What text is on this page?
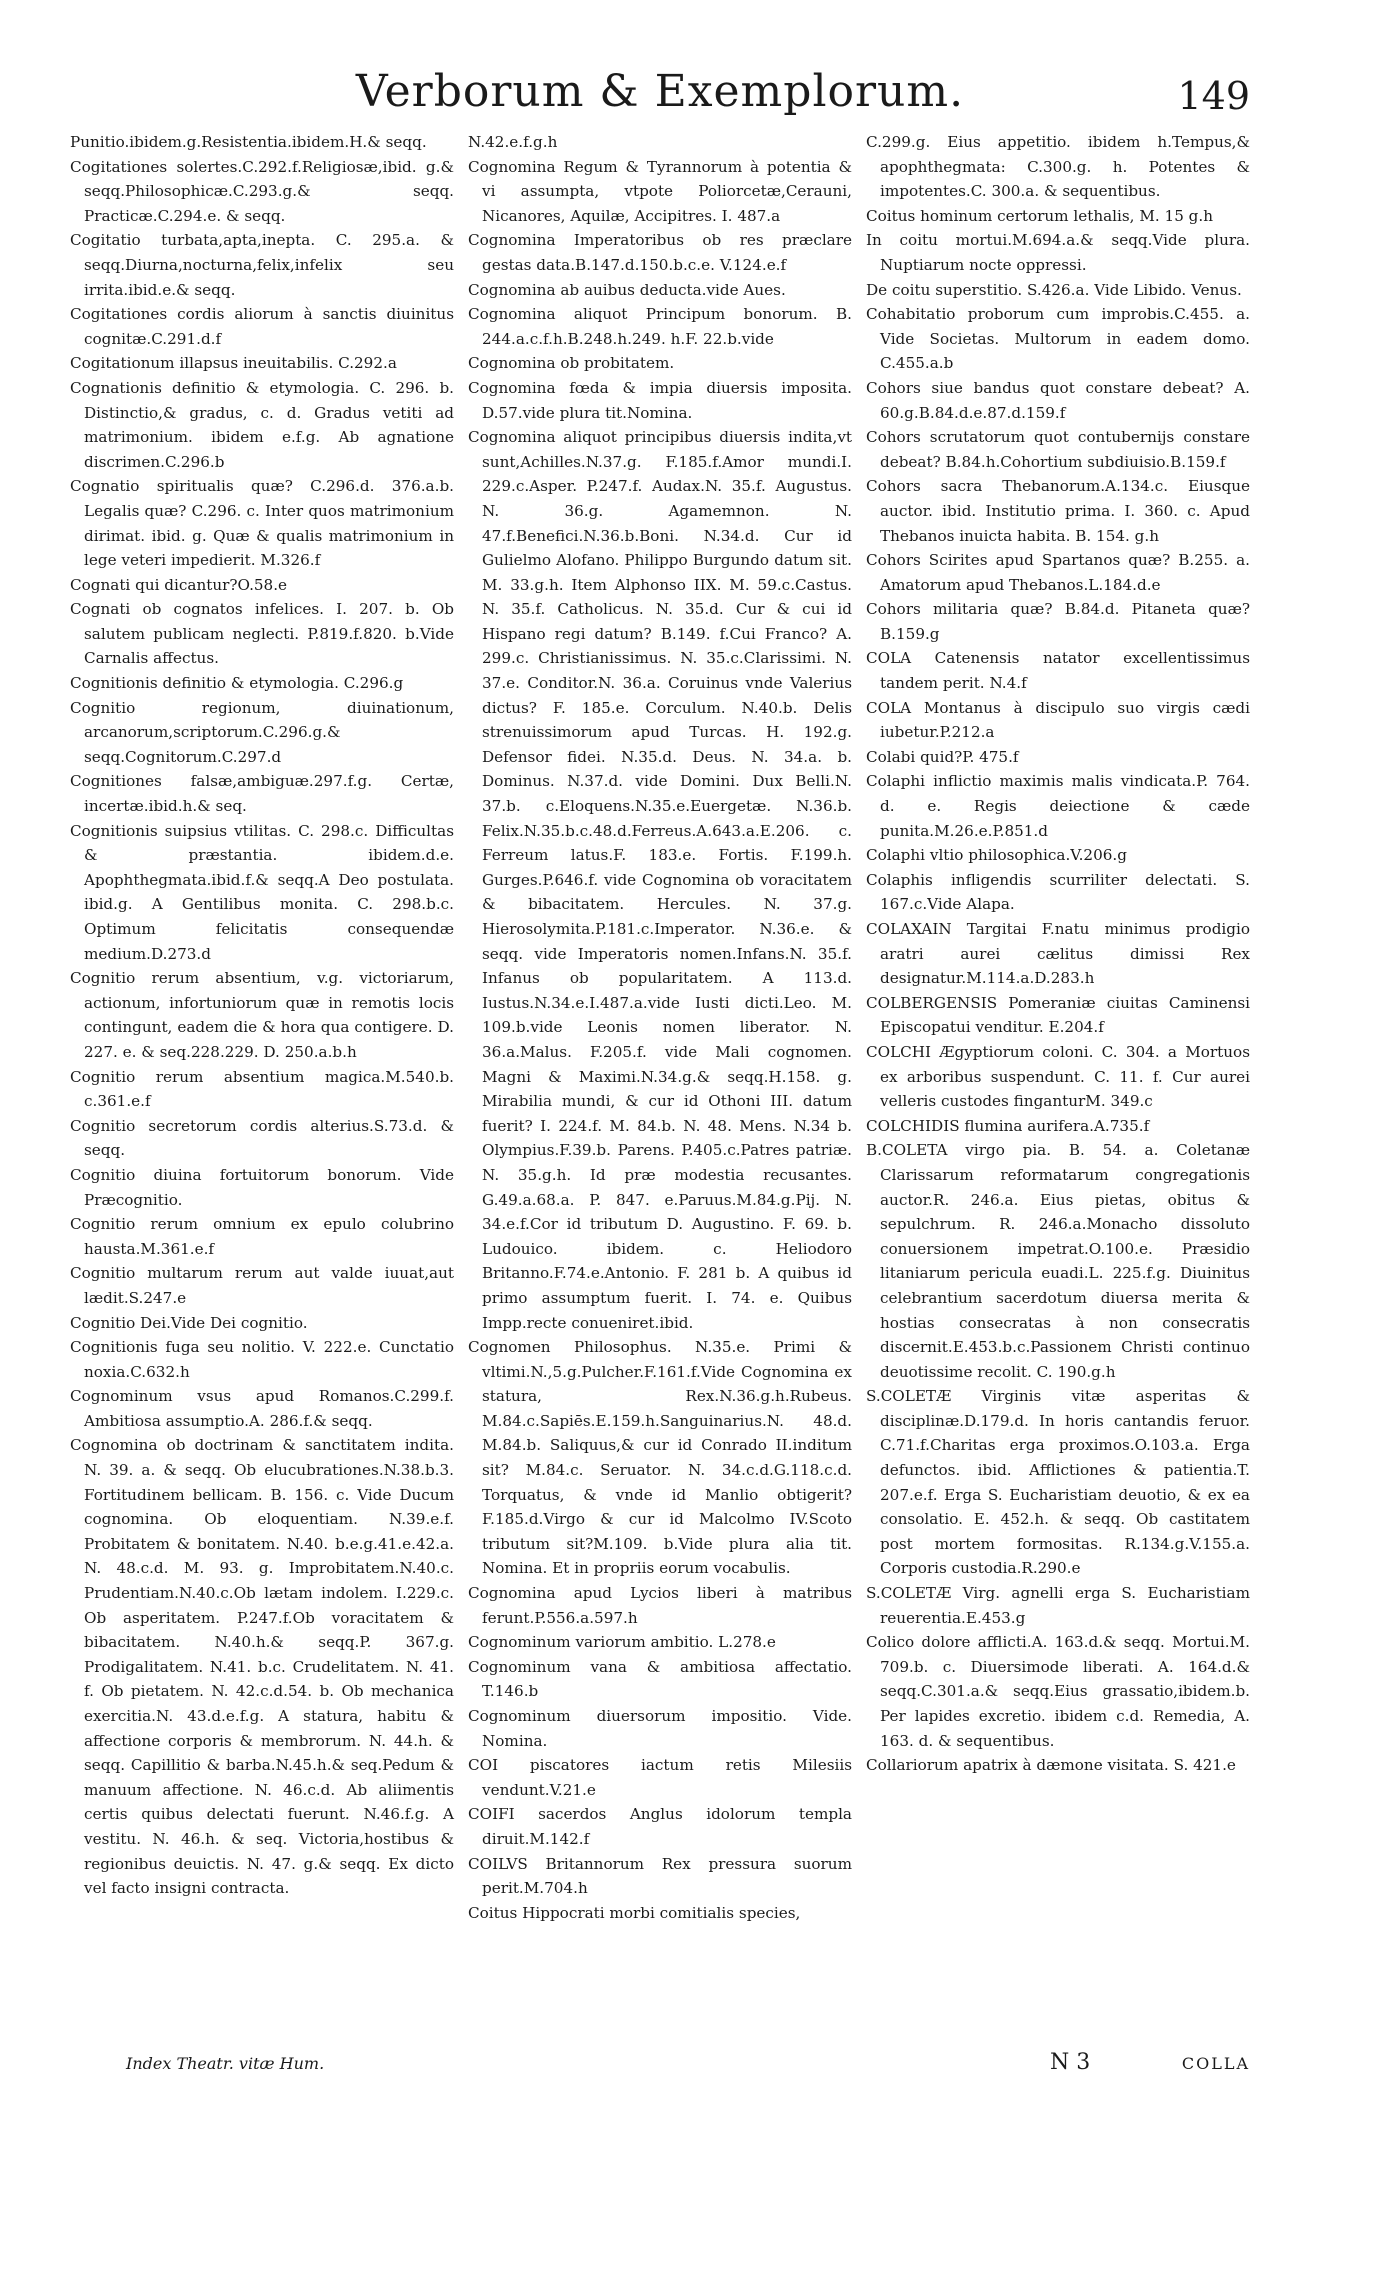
Verborum & Exemplorum.	149

Punitio.ibidem.g.Resistentia.ibidem.H.& seqq.

Cogitationes solertes.C.292.f.Religiosæ,ibid. g.& seqq.Philosophicæ.C.293.g.& seqq. Practicæ.C.294.e. & seqq.

Cogitatio turbata,apta,inepta. C. 295.a. & seqq.Diurna,nocturna,felix,infelix seu irrita.ibid.e.& seqq.

Cogitationes cordis aliorum à sanctis diuinitus cognitæ.C.291.d.f

Cogitationum illapsus ineuitabilis. C.292.a

Cognationis definitio & etymologia. C. 296. b. Distinctio,& gradus, c. d. Gradus vetiti ad matrimonium. ibidem e.f.g. Ab agnatione discrimen.C.296.b

Cognatio spiritualis quæ? C.296.d. 376.a.b. Legalis quæ? C.296. c. Inter quos matrimonium dirimat. ibid. g. Quæ & qualis matrimonium in lege veteri impedierit. M.326.f

Cognati qui dicantur?O.58.e

Cognati ob cognatos infelices. I. 207. b. Ob salutem publicam neglecti. P.819.f.820. b.Vide Carnalis affectus.

Cognitionis definitio & etymologia. C.296.g

Cognitio regionum, diuinationum, arcanorum,scriptorum.C.296.g.& seqq.Cognitorum.C.297.d

Cognitiones falsæ,ambiguæ.297.f.g. Certæ, incertæ.ibid.h.& seq.

Cognitionis suipsius vtilitas. C. 298.c. Difficultas & præstantia. ibidem.d.e. Apophthegmata.ibid.f.& seqq.A Deo postulata. ibid.g. A Gentilibus monita. C. 298.b.c. Optimum felicitatis consequendæ medium.D.273.d

Cognitio rerum absentium, v.g. victoriarum, actionum, infortuniorum quæ in remotis locis contingunt, eadem die & hora qua contigere. D. 227. e. & seq.228.229. D. 250.a.b.h

Cognitio rerum absentium magica.M.540.b. c.361.e.f

Cognitio secretorum cordis alterius.S.73.d. & seqq.

Cognitio diuina fortuitorum bonorum. Vide Præcognitio.

Cognitio rerum omnium ex epulo colubrino hausta.M.361.e.f

Cognitio multarum rerum aut valde iuuat,aut lædit.S.247.e

Cognitio Dei.Vide Dei cognitio.

Cognitionis fuga seu nolitio. V. 222.e. Cunctatio noxia.C.632.h

Cognominum vsus apud Romanos.C.299.f. Ambitiosa assumptio.A. 286.f.& seqq.

Cognomina ob doctrinam & sanctitatem indita. N. 39. a. & seqq. Ob elucubrationes.N.38.b.3. Fortitudinem bellicam. B. 156. c. Vide Ducum cognomina. Ob eloquentiam. N.39.e.f. Probitatem & bonitatem. N.40. b.e.g.41.e.42.a. N. 48.c.d. M. 93. g. Improbitatem.N.40.c. Prudentiam.N.40.c.Ob lætam indolem. I.229.c. Ob asperitatem. P.247.f.Ob voracitatem & bibacitatem. N.40.h.& seqq.P. 367.g. Prodigalitatem. N.41. b.c. Crudelitatem. N. 41. f. Ob pietatem. N. 42.c.d.54. b. Ob mechanica exercitia.N. 43.d.e.f.g. A statura, habitu & affectione corporis & membrorum. N. 44.h. & seqq. Capillitio & barba.N.45.h.& seq.Pedum & manuum affectione. N. 46.c.d. Ab aliimentis certis quibus delectati fuerunt. N.46.f.g. A vestitu. N. 46.h. & seq. Victoria,hostibus & regionibus deuictis. N. 47. g.& seqq. Ex dicto vel facto insigni contracta.

N.42.e.f.g.h

Cognomina Regum & Tyrannorum à potentia & vi assumpta, vtpote Poliorcetæ,Cerauni, Nicanores, Aquilæ, Accipitres. I. 487.a

Cognomina Imperatoribus ob res præclare gestas data.B.147.d.150.b.c.e. V.124.e.f

Cognomina ab auibus deducta.vide Aues.

Cognomina aliquot Principum bonorum. B. 244.a.c.f.h.B.248.h.249. h.F. 22.b.vide

Cognomina ob probitatem.

Cognomina fœda & impia diuersis imposita. D.57.vide plura tit.Nomina.

Cognomina aliquot principibus diuersis indita,vt sunt,Achilles.N.37.g. F.185.f.Amor mundi.I. 229.c.Asper. P.247.f. Audax.N. 35.f. Augustus. N. 36.g. Agamemnon. N. 47.f.Benefici.N.36.b.Boni. N.34.d. Cur id Gulielmo Alofano. Philippo Burgundo datum sit. M. 33.g.h. Item Alphonso IIX. M. 59.c.Castus. N. 35.f. Catholicus. N. 35.d. Cur & cui id Hispano regi datum? B.149. f.Cui Franco? A. 299.c. Christianissimus. N. 35.c.Clarissimi. N. 37.e. Conditor.N. 36.a. Coruinus vnde Valerius dictus? F. 185.e. Corculum. N.40.b. Delis strenuissimorum apud Turcas. H. 192.g. Defensor fidei. N.35.d. Deus. N. 34.a. b. Dominus. N.37.d. vide Domini. Dux Belli.N. 37.b. c.Eloquens.N.35.e.Euergetæ. N.36.b. Felix.N.35.b.c.48.d.Ferreus.A.643.a.E.206. c. Ferreum latus.F. 183.e. Fortis. F.199.h. Gurges.P.646.f. vide Cognomina ob voracitatem & bibacitatem. Hercules. N. 37.g. Hierosolymita.P.181.c.Imperator. N.36.e. & seqq. vide Imperatoris nomen.Infans.N. 35.f. Infanus ob popularitatem. A 113.d. Iustus.N.34.e.I.487.a.vide Iusti dicti.Leo. M. 109.b.vide Leonis nomen liberator. N. 36.a.Malus. F.205.f. vide Mali cognomen. Magni & Maximi.N.34.g.& seqq.H.158. g. Mirabilia mundi, & cur id Othoni III. datum fuerit? I. 224.f. M. 84.b. N. 48. Mens. N.34 b. Olympius.F.39.b. Parens. P.405.c.Patres patriæ. N. 35.g.h. Id præ modestia recusantes. G.49.a.68.a. P. 847. e.Paruus.M.84.g.Pij. N. 34.e.f.Cor id tributum D. Augustino. F. 69. b. Ludouico. ibidem. c. Heliodoro Britanno.F.74.e.Antonio. F. 281 b. A quibus id primo assumptum fuerit. I. 74. e. Quibus Impp.recte conueniret.ibid.

Cognomen Philosophus. N.35.e. Primi & vltimi.N.,5.g.Pulcher.F.161.f.Vide Cognomina ex statura, Rex.N.36.g.h.Rubeus. M.84.c.Sapiēs.E.159.h.Sanguinarius.N. 48.d. M.84.b. Saliquus,& cur id Conrado II.inditum sit? M.84.c. Seruator. N. 34.c.d.G.118.c.d. Torquatus, & vnde id Manlio obtigerit?F.185.d.Virgo & cur id Malcolmo IV.Scoto tributum sit?M.109. b.Vide plura alia tit. Nomina. Et in propriis eorum vocabulis.

Cognomina apud Lycios liberi à matribus ferunt.P.556.a.597.h

Cognominum variorum ambitio. L.278.e

Cognominum vana & ambitiosa affectatio. T.146.b

Cognominum diuersorum impositio. Vide. Nomina.

COI piscatores iactum retis Milesiis vendunt.V.21.e

COIFI sacerdos Anglus idolorum templa diruit.M.142.f

COILVS Britannorum Rex pressura suorum perit.M.704.h

Coitus Hippocrati morbi comitialis species,

C.299.g. Eius appetitio. ibidem h.Tempus,& apophthegmata: C.300.g. h. Potentes & impotentes.C. 300.a. & sequentibus.

Coitus hominum certorum lethalis, M. 15 g.h

In coitu mortui.M.694.a.& seqq.Vide plura. Nuptiarum nocte oppressi.

De coitu superstitio. S.426.a. Vide Libido. Venus.

Cohabitatio proborum cum improbis.C.455. a. Vide Societas. Multorum in eadem domo. C.455.a.b

Cohors siue bandus quot constare debeat? A. 60.g.B.84.d.e.87.d.159.f

Cohors scrutatorum quot contubernijs constare debeat? B.84.h.Cohortium subdiuisio.B.159.f

Cohors sacra Thebanorum.A.134.c. Eiusque auctor. ibid. Institutio prima. I. 360. c. Apud Thebanos inuicta habita. B. 154. g.h

Cohors Scirites apud Spartanos quæ? B.255. a. Amatorum apud Thebanos.L.184.d.e

Cohors militaria quæ? B.84.d. Pitaneta quæ? B.159.g

COLA Catenensis natator excellentissimus tandem perit. N.4.f

COLA Montanus à discipulo suo virgis cædi iubetur.P.212.a

Colabi quid?P. 475.f

Colaphi inflictio maximis malis vindicata.P. 764. d. e. Regis deiectione & cæde punita.M.26.e.P.851.d

Colaphi vltio philosophica.V.206.g

Colaphis infligendis scurriliter delectati. S. 167.c.Vide Alapa.

COLAXAIN Targitai F.natu minimus prodigio aratri aurei cælitus dimissi Rex designatur.M.114.a.D.283.h

COLBERGENSIS Pomeraniæ ciuitas Caminensi Episcopatui venditur. E.204.f

COLCHI Ægyptiorum coloni. C. 304. a Mortuos ex arboribus suspendunt. C. 11. f. Cur aurei velleris custodes finganturM. 349.c

COLCHIDIS flumina aurifera.A.735.f

B.COLETA virgo pia. B. 54. a. Coletanæ Clarissarum reformatarum congregationis auctor.R. 246.a. Eius pietas, obitus & sepulchrum. R. 246.a.Monacho dissoluto conuersionem impetrat.O.100.e. Præsidio litaniarum pericula euadi.L. 225.f.g. Diuinitus celebrantium sacerdotum diuersa merita & hostias consecratas à non consecratis discernit.E.453.b.c.Passionem Christi continuo deuotissime recolit. C. 190.g.h

S.COLETÆ Virginis vitæ asperitas & disciplinæ.D.179.d. In horis cantandis feruor. C.71.f.Charitas erga proximos.O.103.a. Erga defunctos. ibid. Afflictiones & patientia.T. 207.e.f. Erga S. Eucharistiam deuotio, & ex ea consolatio. E. 452.h. & seqq. Ob castitatem post mortem formositas. R.134.g.V.155.a. Corporis custodia.R.290.e

S.COLETÆ Virg. agnelli erga S. Eucharistiam reuerentia.E.453.g

Colico dolore afflicti.A. 163.d.& seqq. Mortui.M. 709.b. c. Diuersimode liberati. A. 164.d.& seqq.C.301.a.& seqq.Eius grassatio,ibidem.b. Per lapides excretio. ibidem c.d. Remedia, A. 163. d. & sequentibus.

Collariorum apatrix à dæmone visitata. S. 421.e

Index Theatr. vitæ Hum.	N 3	COLLA
